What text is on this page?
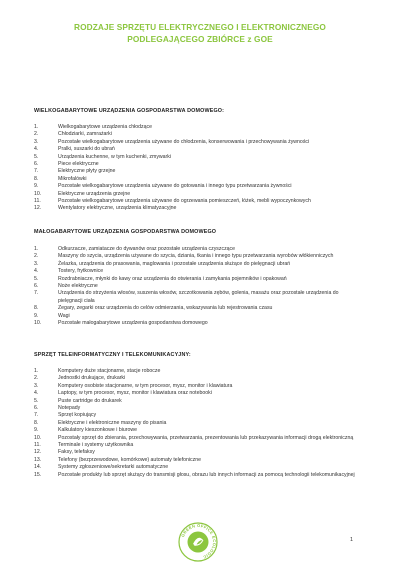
RODZAJE SPRZĘTU ELEKTRYCZNEGO I ELEKTRONICZNEGO PODLEGAJĄCEGO ZBIÓRCE z GOE
WIELKOGABARYTOWE URZĄDZENIA GOSPODARSTWA DOMOWEGO:
1.	Wielkogabarytowe urządzenia chłodzące
2.	Chłodziarki, zamrażarki
3.	Pozostałe wielkogabarytowe urządzenia używane do chłodzenia, konserwowania i przechowywania żywności
4.	Pralki, suszarki do ubrań
5.	Urządzenia kuchenne, w tym kuchenki, zmywarki
6.	Piece elektryczne
7.	Elektryczne płyty grzejne
8.	Mikrofalówki
9.	Pozostałe wielkogabarytowe urządzenia używane do gotowania i innego typu przetwarzania żywności
10.	Elektryczne urządzenia grzejne
11.	Pozostałe wielkogabarytowe urządzenia używane do ogrzewania pomieszczeń, łóżek, mebli wypoczynkowych
12.	Wentylatory elektryczne, urządzenia klimatyzacyjne
MAŁOGABARYTOWE URZĄDZENIA GOSPODARSTWA DOMOWEGO
1.	Odkurzacze, zamiatacze do dywanów oraz pozostałe urządzenia czyszczące
2.	Maszyny do szycia, urządzenia używane do szycia, dziania, tkania i innego typu przetwarzania wyrobów włókienniczych
3.	Żelazka, urządzenia do prasowania, maglowania i pozostałe urządzenia służące do pielęgnacji ubrań
4.	Tostery, frytkownice
5.	Rozdrabniacze, młynki do kawy oraz urządzenia do otwierania i zamykania pojemników i opakowań
6.	Noże elektryczne
7.	Urządzenia do strzyżenia włosów, suszenia włosów, szczotkowania zębów, golenia, masażu oraz pozostałe urządzenia do pielęgnacji ciała
8.	Zegary, zegarki oraz urządzenia do celów odmierzania, wskazywania lub rejestrowania czasu
9.	Wagi
10.	Pozostałe małogabarytowe urządzenia gospodarstwa domowego
SPRZĘT TELEINFORMATYCZNY I TELEKOMUNIKACYJNY:
1.	Komputery duże stacjonarne, stacje robocze
2.	Jednostki drukujące, drukarki
3.	Komputery osobiste stacjonarne, w tym procesor, mysz, monitor i klawiatura
4.	Laptopy, w tym procesor, mysz, monitor i klawiatura oraz notebooki
5.	Puste cartridge do drukarek
6.	Notepady
7.	Sprzęt kopiujący
8.	Elektryczne i elektroniczne maszyny do pisania
9.	Kalkulatory kieszonkowe i biurowe
10.	Pozostały sprzęt do zbierania, przechowywania, przetwarzania, prezentowania lub przekazywania informacji drogą elektroniczną
11.	Terminale i systemy użytkownika
12.	Faksy, telefaksy
13.	Telefony (bezprzewodowe, komórkowe) automaty telefoniczne
14.	Systemy zgłoszeniowe/sekretarki automatyczne
15.	Pozostałe produkty lub sprzęt służący do transmisji głosu, obrazu lub innych informacji za pomocą technologii telekomunikacyjnej
GREEN OFFICE ECOLOGIC
1
